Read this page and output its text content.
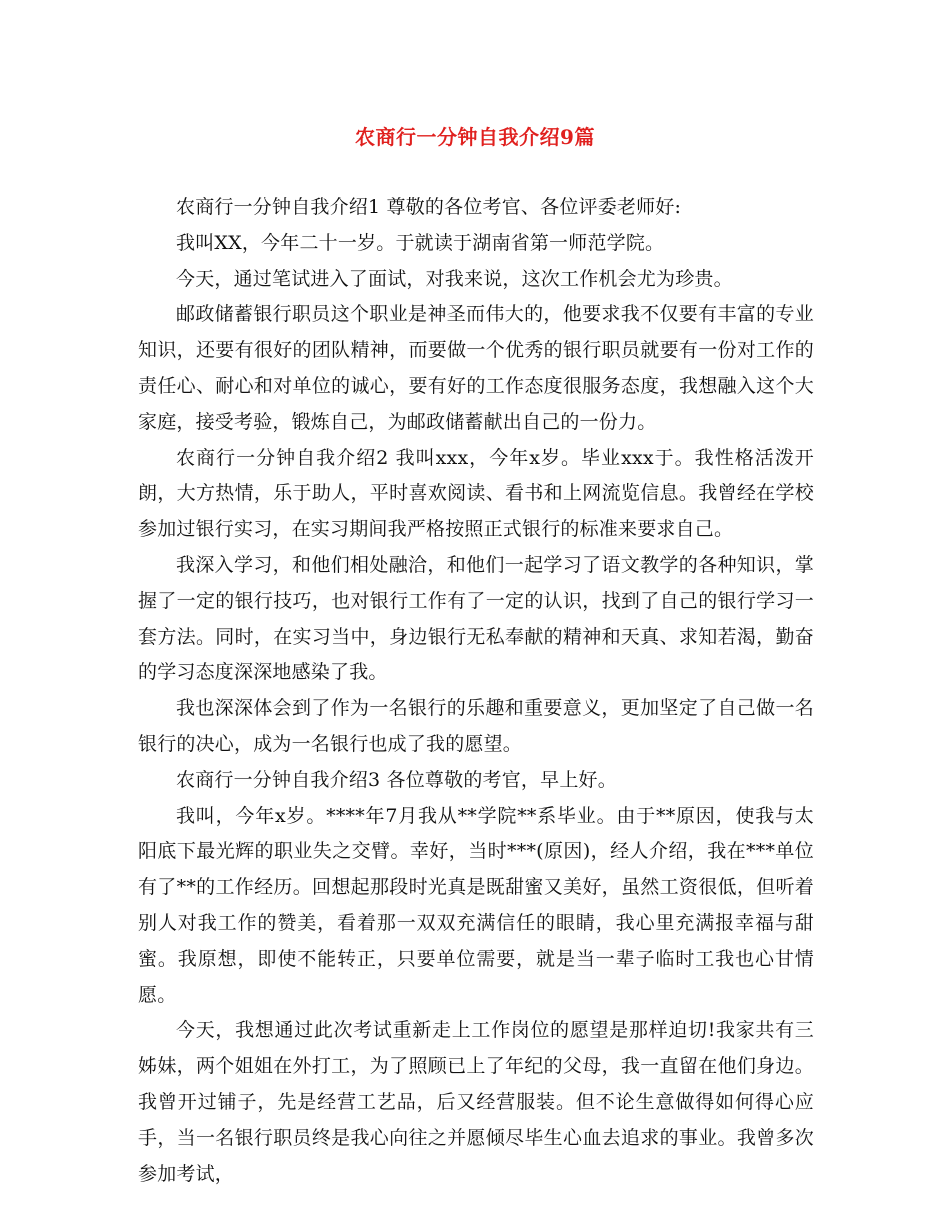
农商行一分钟自我介绍9篇

农商行一分钟自我介绍1 尊敬的各位考官、各位评委老师好:

我叫XX，今年二十一岁。于就读于湖南省第一师范学院。

今天，通过笔试进入了面试，对我来说，这次工作机会尤为珍贵。

邮政储蓄银行职员这个职业是神圣而伟大的，他要求我不仅要有丰富的专业知识，还要有很好的团队精神，而要做一个优秀的银行职员就要有一份对工作的责任心、耐心和对单位的诚心，要有好的工作态度很服务态度，我想融入这个大家庭，接受考验，锻炼自己，为邮政储蓄献出自己的一份力。

农商行一分钟自我介绍2 我叫xxx，今年x岁。毕业xxx于。我性格活泼开朗，大方热情，乐于助人，平时喜欢阅读、看书和上网流览信息。我曾经在学校参加过银行实习，在实习期间我严格按照正式银行的标准来要求自己。

我深入学习，和他们相处融洽，和他们一起学习了语文教学的各种知识，掌握了一定的银行技巧，也对银行工作有了一定的认识，找到了自己的银行学习一套方法。同时，在实习当中，身边银行无私奉献的精神和天真、求知若渴，勤奋的学习态度深深地感染了我。

我也深深体会到了作为一名银行的乐趣和重要意义，更加坚定了自己做一名银行的决心，成为一名银行也成了我的愿望。

农商行一分钟自我介绍3 各位尊敬的考官，早上好。

我叫，今年x岁。****年7月我从**学院**系毕业。由于**原因，使我与太阳底下最光辉的职业失之交臂。幸好，当时***(原因)，经人介绍，我在***单位有了**的工作经历。回想起那段时光真是既甜蜜又美好，虽然工资很低，但听着别人对我工作的赞美，看着那一双双充满信任的眼睛，我心里充满报幸福与甜蜜。我原想，即使不能转正，只要单位需要，就是当一辈子临时工我也心甘情愿。

今天，我想通过此次考试重新走上工作岗位的愿望是那样迫切!我家共有三姊妹，两个姐姐在外打工，为了照顾已上了年纪的父母，我一直留在他们身边。我曾开过铺子，先是经营工艺品，后又经营服装。但不论生意做得如何得心应手，当一名银行职员终是我心向往之并愿倾尽毕生心血去追求的事业。我曾多次参加考试，
